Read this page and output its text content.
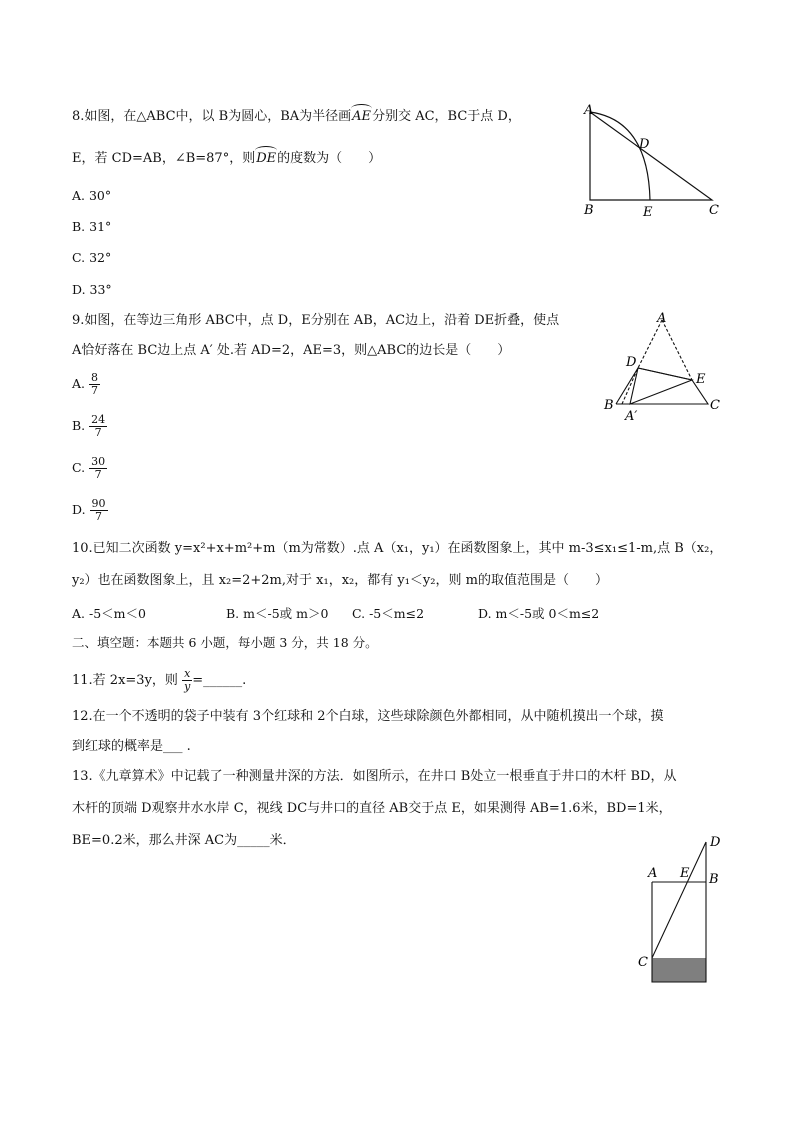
8.如图，在△ABC中，以 B为圆心，BA为半径画AE分别交 AC，BC于点 D，
E，若 CD=AB，∠B=87°，则DE的度数为（　　）
A. 30°
B. 31°
C. 32°
D. 33°
A
D
B	E	C
9.如图，在等边三角形 ABC中，点 D，E分别在 AB，AC边上，沿着 DE折叠，使点
A恰好落在 BC边上点 A′ 处.若 AD=2，AE=3，则△ABC的边长是（　　）
A. $\frac{8}{7}$
B. $\frac{24}{7}$
C. $\frac{30}{7}$
D. $\frac{90}{7}$
A
D
E
B
A′
C
10.已知二次函数 y=x²+x+m²+m（m为常数）.点 A（x₁，y₁）在函数图象上，其中 m-3≤x₁≤1-m,点 B（x₂，
y₂）也在函数图象上，且 x₂=2+2m,对于 x₁，x₂，都有 y₁＜y₂，则 m的取值范围是（　　）
A. -5＜m＜0	B. m＜-5或 m＞0 C. -5＜m≤2	D. m＜-5或 0＜m≤2
二、填空题：本题共 6 小题，每小题 3 分，共 18 分。
11.若 2x=3y，则 $\frac{x}{y}$ =______.
12.在一个不透明的袋子中装有 3个红球和 2个白球，这些球除颜色外都相同，从中随机摸出一个球，摸
到红球的概率是___ .
13.《九章算术》中记载了一种测量井深的方法．如图所示，在井口 B处立一根垂直于井口的木杆 BD，从
木杆的顶端 D观察井水水岸 C，视线 DC与井口的直径 AB交于点 E，如果测得 AB=1.6米，BD=1米，
BE=0.2米，那么井深 AC为_____米．	D
A E B
C
